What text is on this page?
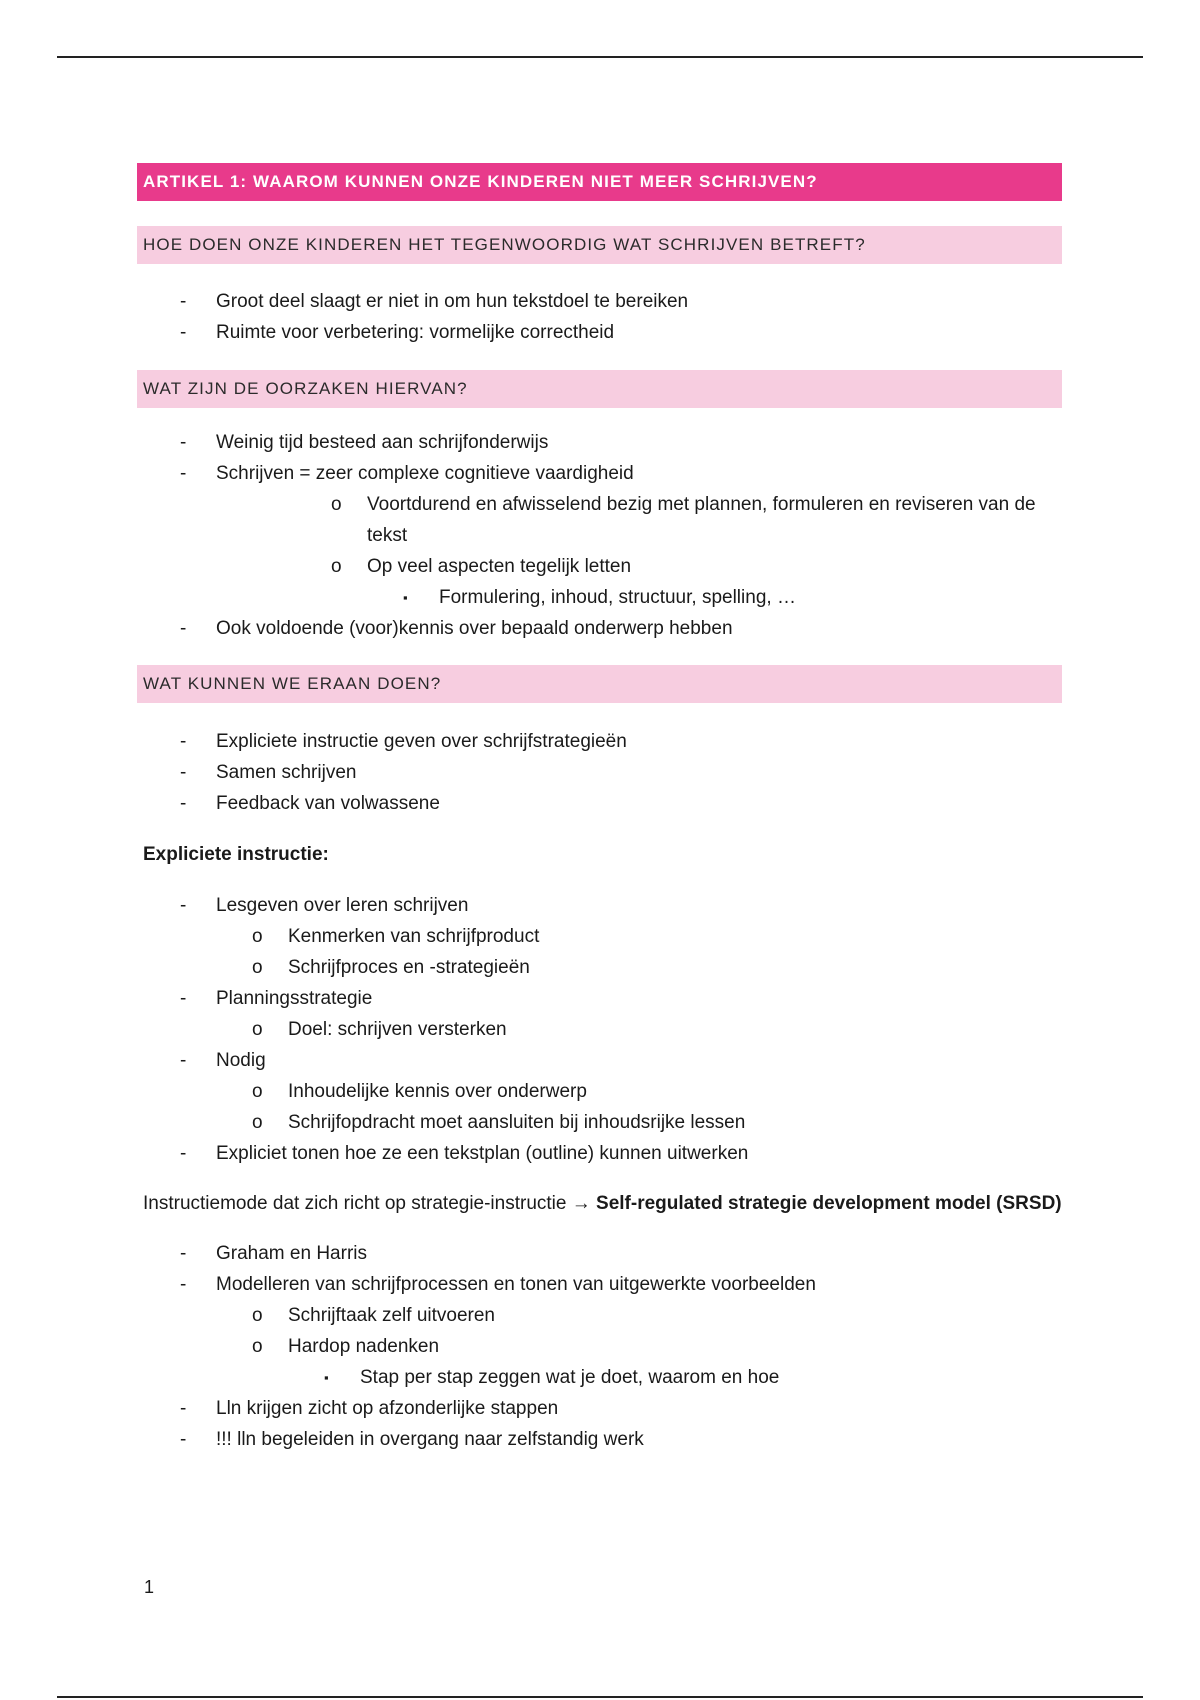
ARTIKEL 1: WAAROM KUNNEN ONZE KINDEREN NIET MEER SCHRIJVEN?
HOE DOEN ONZE KINDEREN HET TEGENWOORDIG WAT SCHRIJVEN BETREFT?
-	Groot deel slaagt er niet in om hun tekstdoel te bereiken
-	Ruimte voor verbetering: vormelijke correctheid
WAT ZIJN DE OORZAKEN HIERVAN?
-	Weinig tijd besteed aan schrijfonderwijs
-	Schrijven = zeer complexe cognitieve vaardigheid
o Voortdurend en afwisselend bezig met plannen, formuleren en reviseren van de tekst
o Op veel aspecten tegelijk letten
▪ Formulering, inhoud, structuur, spelling, …
-	Ook voldoende (voor)kennis over bepaald onderwerp hebben
WAT KUNNEN WE ERAAN DOEN?
-	Expliciete instructie geven over schrijfstrategieën
-	Samen schrijven
-	Feedback van volwassene
Expliciete instructie:
-	Lesgeven over leren schrijven
o Kenmerken van schrijfproduct
o Schrijfproces en -strategieën
-	Planningsstrategie
o Doel: schrijven versterken
-	Nodig
o Inhoudelijke kennis over onderwerp
o Schrijfopdracht moet aansluiten bij inhoudsrijke lessen
-	Expliciet tonen hoe ze een tekstplan (outline) kunnen uitwerken
Instructiemode dat zich richt op strategie-instructie → Self-regulated strategie development model (SRSD)
-	Graham en Harris
-	Modelleren van schrijfprocessen en tonen van uitgewerkte voorbeelden
o Schrijftaak zelf uitvoeren
o Hardop nadenken
▪ Stap per stap zeggen wat je doet, waarom en hoe
-	Lln krijgen zicht op afzonderlijke stappen
-	!!! lln begeleiden in overgang naar zelfstandig werk
1
